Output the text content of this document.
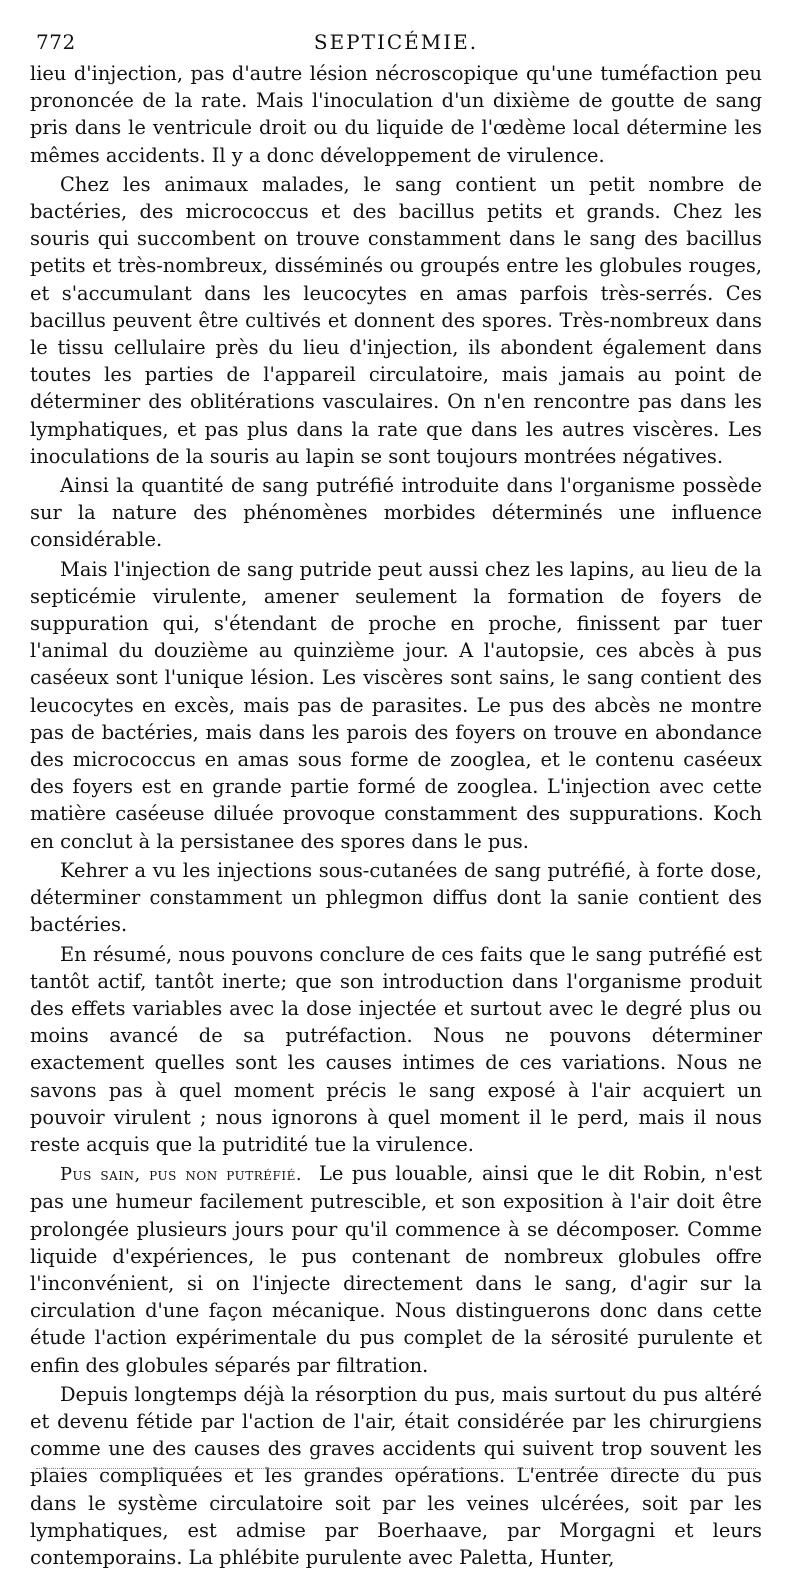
772	SEPTICÉMIE.

lieu d'injection, pas d'autre lésion nécroscopique qu'une tuméfaction peu prononcée de la rate. Mais l'inoculation d'un dixième de goutte de sang pris dans le ventricule droit ou du liquide de l'œdème local détermine les mêmes accidents. Il y a donc développement de virulence.

Chez les animaux malades, le sang contient un petit nombre de bactéries, des micrococcus et des bacillus petits et grands. Chez les souris qui succombent on trouve constamment dans le sang des bacillus petits et très-nombreux, disséminés ou groupés entre les globules rouges, et s'accumulant dans les leucocytes en amas parfois très-serrés. Ces bacillus peuvent être cultivés et donnent des spores. Très-nombreux dans le tissu cellulaire près du lieu d'injection, ils abondent également dans toutes les parties de l'appareil circulatoire, mais jamais au point de déterminer des oblitérations vasculaires. On n'en rencontre pas dans les lymphatiques, et pas plus dans la rate que dans les autres viscères. Les inoculations de la souris au lapin se sont toujours montrées négatives.

Ainsi la quantité de sang putréfié introduite dans l'organisme possède sur la nature des phénomènes morbides déterminés une influence considérable.

Mais l'injection de sang putride peut aussi chez les lapins, au lieu de la septicémie virulente, amener seulement la formation de foyers de suppuration qui, s'étendant de proche en proche, finissent par tuer l'animal du douzième au quinzième jour. A l'autopsie, ces abcès à pus caséeux sont l'unique lésion. Les viscères sont sains, le sang contient des leucocytes en excès, mais pas de parasites. Le pus des abcès ne montre pas de bactéries, mais dans les parois des foyers on trouve en abondance des micrococcus en amas sous forme de zooglea, et le contenu caséeux des foyers est en grande partie formé de zooglea. L'injection avec cette matière caséeuse diluée provoque constamment des suppurations. Koch en conclut à la persistanee des spores dans le pus.

Kehrer a vu les injections sous-cutanées de sang putréfié, à forte dose, déterminer constamment un phlegmon diffus dont la sanie contient des bactéries.

En résumé, nous pouvons conclure de ces faits que le sang putréfié est tantôt actif, tantôt inerte; que son introduction dans l'organisme produit des effets variables avec la dose injectée et surtout avec le degré plus ou moins avancé de sa putréfaction. Nous ne pouvons déterminer exactement quelles sont les causes intimes de ces variations. Nous ne savons pas à quel moment précis le sang exposé à l'air acquiert un pouvoir virulent ; nous ignorons à quel moment il le perd, mais il nous reste acquis que la putridité tue la virulence.

Pus sain, pus non putréfié. Le pus louable, ainsi que le dit Robin, n'est pas une humeur facilement putrescible, et son exposition à l'air doit être prolongée plusieurs jours pour qu'il commence à se décomposer. Comme liquide d'expériences, le pus contenant de nombreux globules offre l'inconvénient, si on l'injecte directement dans le sang, d'agir sur la circulation d'une façon mécanique. Nous distinguerons donc dans cette étude l'action expérimentale du pus complet de la sérosité purulente et enfin des globules séparés par filtration.

Depuis longtemps déjà la résorption du pus, mais surtout du pus altéré et devenu fétide par l'action de l'air, était considérée par les chirurgiens comme une des causes des graves accidents qui suivent trop souvent les plaies compliquées et les grandes opérations. L'entrée directe du pus dans le système circulatoire soit par les veines ulcérées, soit par les lymphatiques, est admise par Boerhaave, par Morgagni et leurs contemporains. La phlébite purulente avec Paletta, Hunter,
